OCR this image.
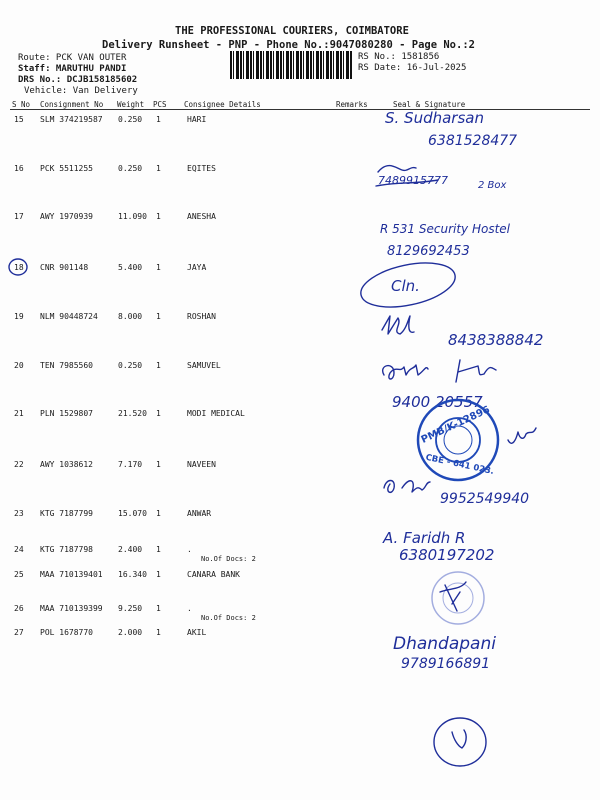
THE PROFESSIONAL COURIERS, COIMBATORE
Delivery Runsheet - PNP - Phone No.:9047080280 - Page No.:2
Route: PCK VAN OUTER
Staff: MARUTHU PANDI
DRS No.: DCJB158185602
Vehicle: Van Delivery
RS No.: 1581856
RS Date: 16-Jul-2025
S No Consignment No Weight PCS Consignee Details	Remarks	Seal & Signature
15 SLM 374219587 0.250 1	HARI
16 PCK 5511255	0.250 1	EQITES
17 AWY 1970939	11.090 1	ANESHA
18 CNR 901148	5.400 1	JAYA
19 NLM 90448724	8.000 1	ROSHAN
20 TEN 7985560	0.250 1	SAMUVEL
21 PLN 1529807	21.520 1	MODI MEDICAL
22 AWY 1038612	7.170 1	NAVEEN
23 KTG 7187799	15.070 1	ANWAR
24 KTG 7187798	2.400 1	.
No.Of Docs: 2
25 MAA 710139401 16.340 1	CANARA BANK
26 MAA 710139399 9.250 1	.
No.Of Docs: 2
27 POL 1678770	2.000 1	AKIL
S. Sudharsan
6381528477
7489915777	2 Box
R 531 Security Hostel
8129692453
Cln.
8438388842
9400 20557
PMB/K-12896
CBE - 641 023.
9952549940
A. Faridh R
6380197202
Dhandapani
9789166891
